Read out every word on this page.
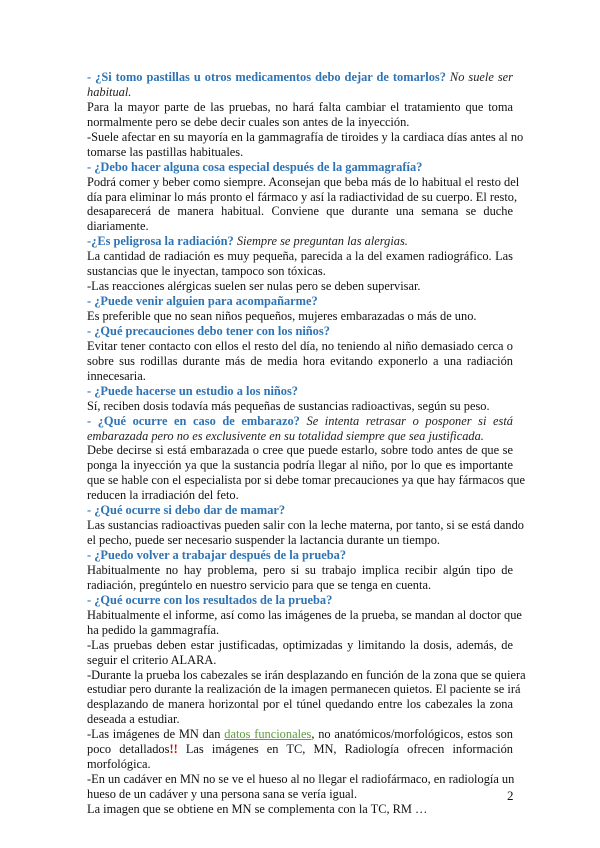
- ¿Si tomo pastillas u otros medicamentos debo dejar de tomarlos? No suele ser
habitual.
Para la mayor parte de las pruebas, no hará falta cambiar el tratamiento que toma
normalmente pero se debe decir cuales son antes de la inyección.
-Suele afectar en su mayoría en la gammagrafía de tiroides y la cardiaca días antes al no
tomarse las pastillas habituales.
- ¿Debo hacer alguna cosa especial después de la gammagrafía?
Podrá comer y beber como siempre. Aconsejan que beba más de lo habitual el resto del
día para eliminar lo más pronto el fármaco y así la radiactividad de su cuerpo. El resto,
desaparecerá de manera habitual. Conviene que durante una semana se duche
diariamente.
-¿Es peligrosa la radiación? Siempre se preguntan las alergias.
La cantidad de radiación es muy pequeña, parecida a la del examen radiográfico. Las
sustancias que le inyectan, tampoco son tóxicas.
-Las reacciones alérgicas suelen ser nulas pero se deben supervisar.
- ¿Puede venir alguien para acompañarme?
Es preferible que no sean niños pequeños, mujeres embarazadas o más de uno.
- ¿Qué precauciones debo tener con los niños?
Evitar tener contacto con ellos el resto del día, no teniendo al niño demasiado cerca o
sobre sus rodillas durante más de media hora evitando exponerlo a una radiación
innecesaria.
- ¿Puede hacerse un estudio a los niños?
Sí, reciben dosis todavía más pequeñas de sustancias radioactivas, según su peso.
- ¿Qué ocurre en caso de embarazo? Se intenta retrasar o posponer si está
embarazada pero no es exclusivente en su totalidad siempre que sea justificada.
Debe decirse si está embarazada o cree que puede estarlo, sobre todo antes de que se
ponga la inyección ya que la sustancia podría llegar al niño, por lo que es importante
que se hable con el especialista por si debe tomar precauciones ya que hay fármacos que
reducen la irradiación del feto.
- ¿Qué ocurre si debo dar de mamar?
Las sustancias radioactivas pueden salir con la leche materna, por tanto, si se está dando
el pecho, puede ser necesario suspender la lactancia durante un tiempo.
- ¿Puedo volver a trabajar después de la prueba?
Habitualmente no hay problema, pero si su trabajo implica recibir algún tipo de
radiación, pregúntelo en nuestro servicio para que se tenga en cuenta.
- ¿Qué ocurre con los resultados de la prueba?
Habitualmente el informe, así como las imágenes de la prueba, se mandan al doctor que
ha pedido la gammagrafía.
-Las pruebas deben estar justificadas, optimizadas y limitando la dosis, además, de
seguir el criterio ALARA.
-Durante la prueba los cabezales se irán desplazando en función de la zona que se quiera
estudiar pero durante la realización de la imagen permanecen quietos. El paciente se irá
desplazando de manera horizontal por el túnel quedando entre los cabezales la zona
deseada a estudiar.
-Las imágenes de MN dan datos funcionales, no anatómicos/morfológicos, estos son
poco detallados!! Las imágenes en TC, MN, Radiología ofrecen información
morfológica.
-En un cadáver en MN no se ve el hueso al no llegar el radiofármaco, en radiología un
hueso de un cadáver y una persona sana se vería igual.
La imagen que se obtiene en MN se complementa con la TC, RM …
2
